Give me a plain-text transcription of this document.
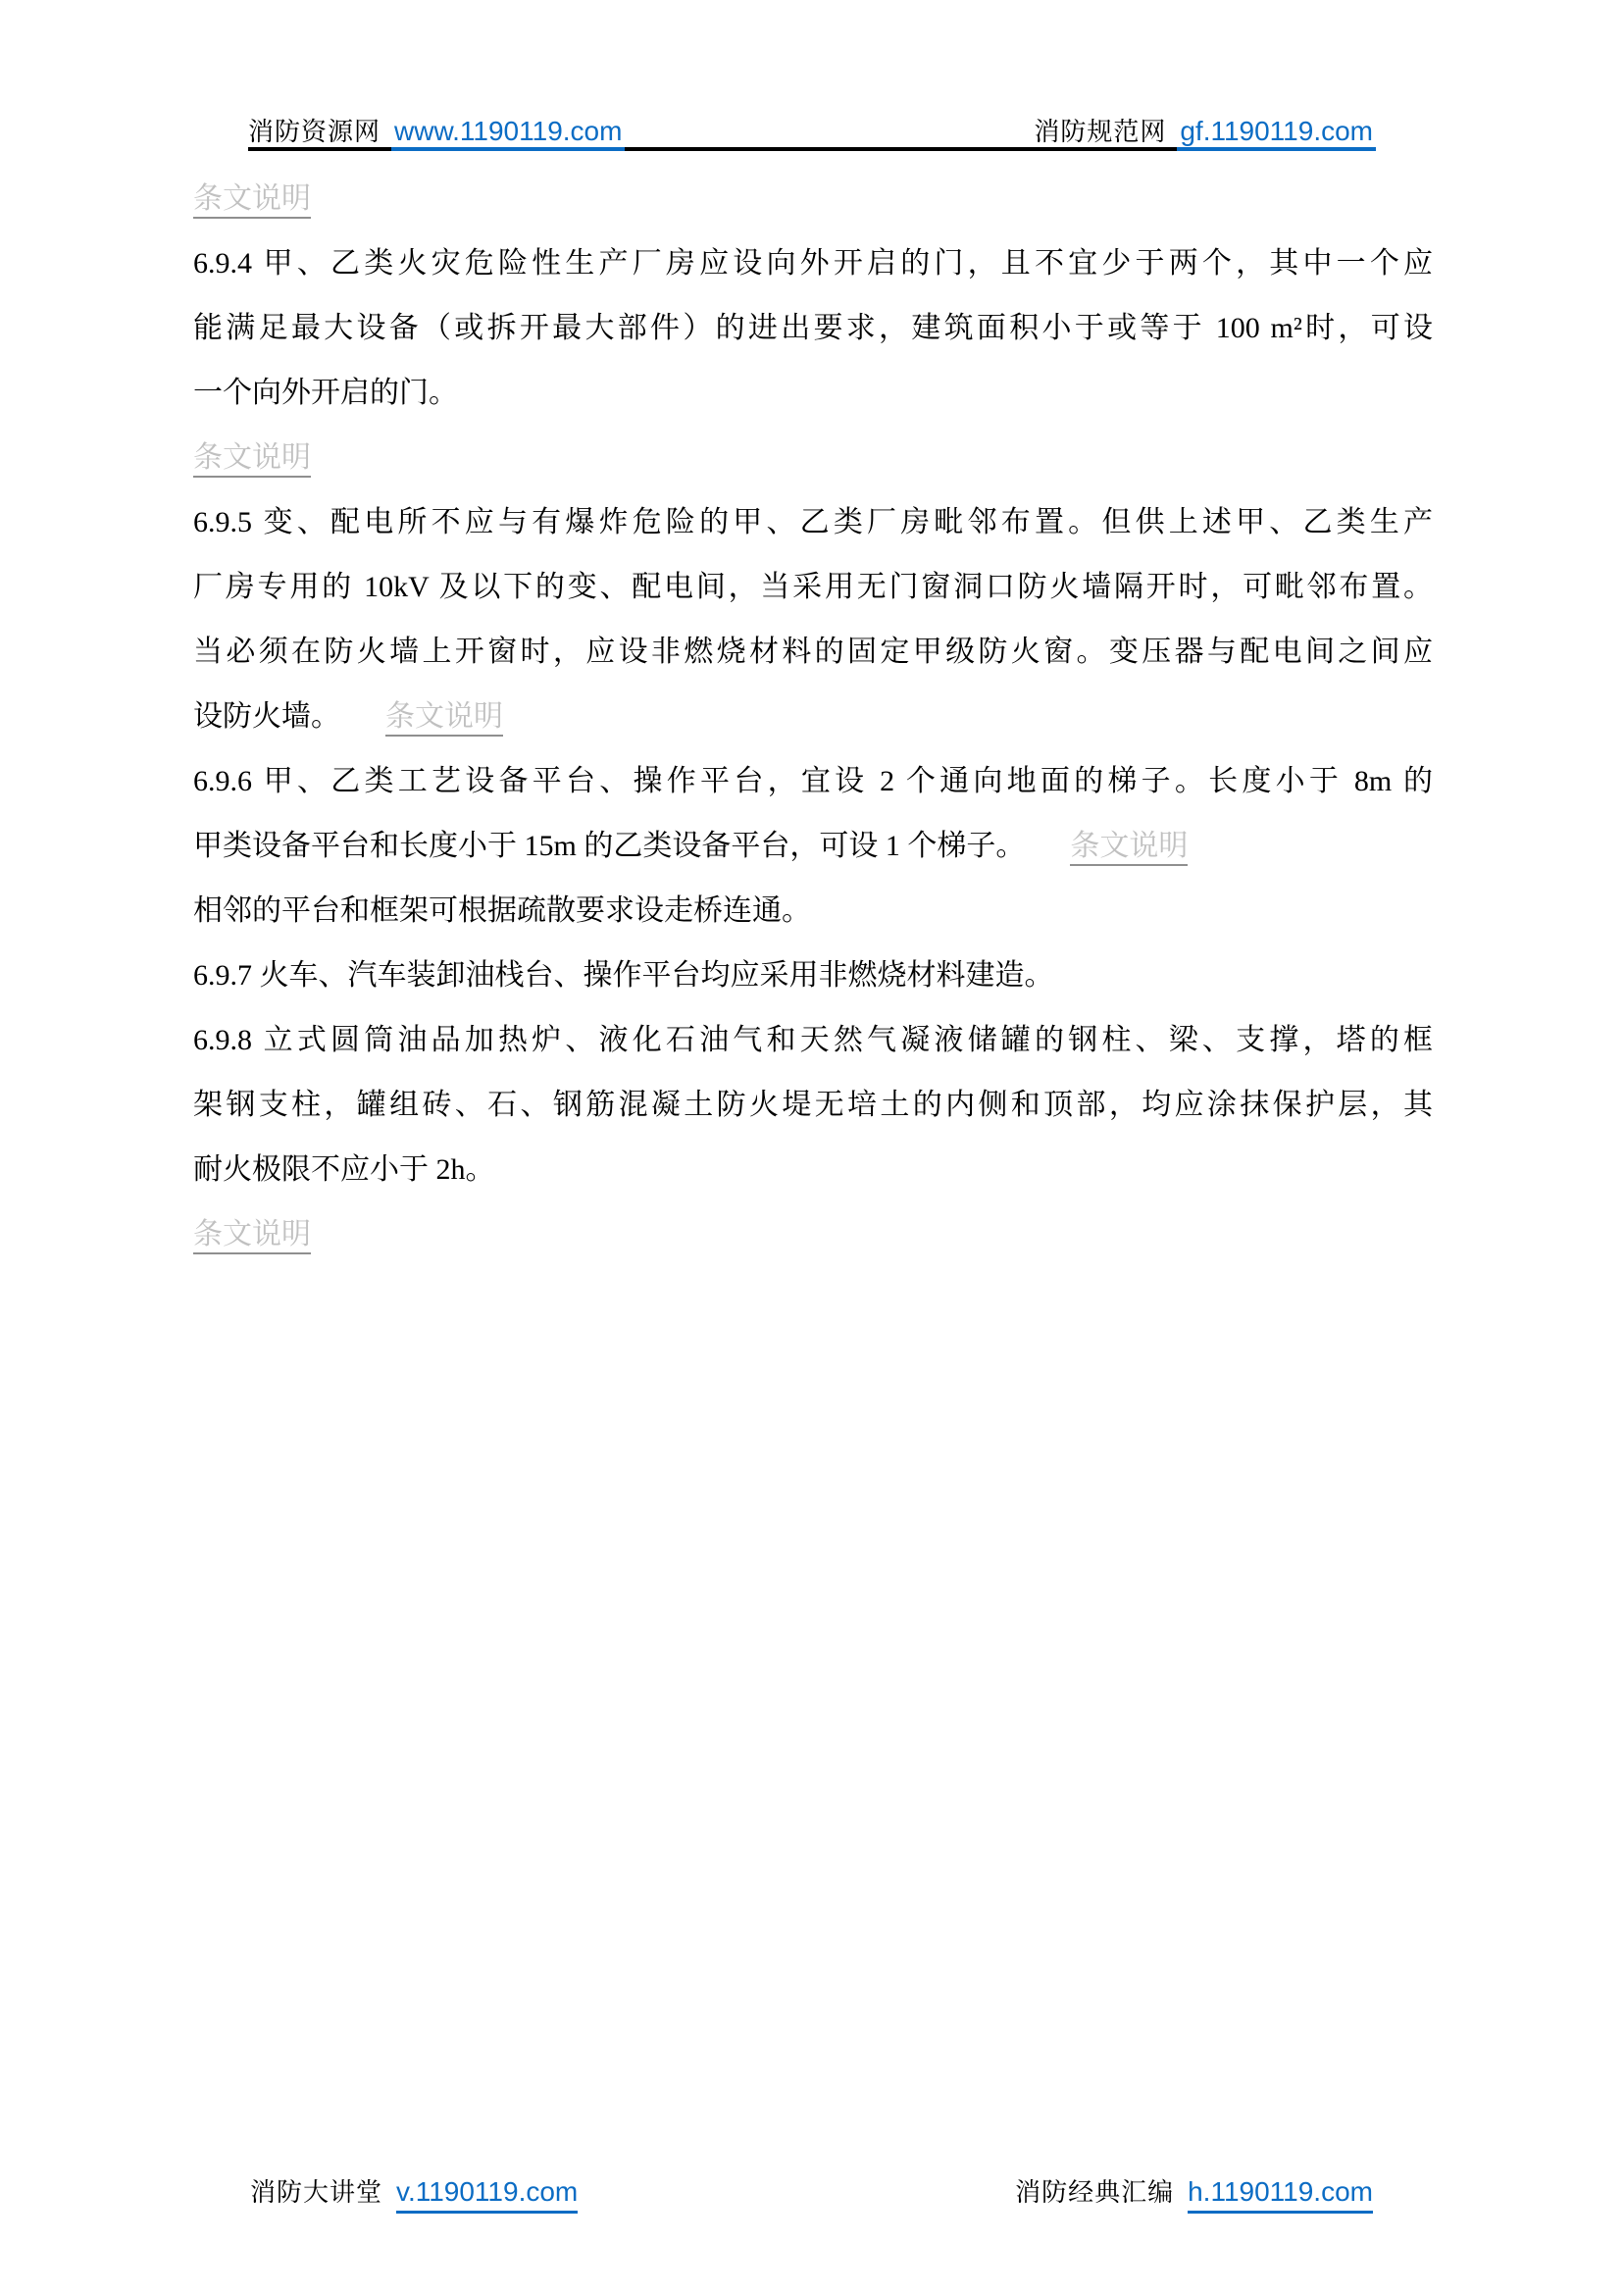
消防资源网 www.1190119.com	消防规范网 gf.1190119.com
条文说明
6.9.4 甲、乙类火灾危险性生产厂房应设向外开启的门，且不宜少于两个，其中一个应
能满足最大设备（或拆开最大部件）的进出要求，建筑面积小于或等于 100 m²时，可设
一个向外开启的门。
条文说明
6.9.5 变、配电所不应与有爆炸危险的甲、乙类厂房毗邻布置。但供上述甲、乙类生产
厂房专用的 10kV 及以下的变、配电间，当采用无门窗洞口防火墙隔开时，可毗邻布置。
当必须在防火墙上开窗时，应设非燃烧材料的固定甲级防火窗。变压器与配电间之间应
设防火墙。 条文说明
6.9.6 甲、乙类工艺设备平台、操作平台，宜设 2 个通向地面的梯子。长度小于 8m 的
甲类设备平台和长度小于 15m 的乙类设备平台，可设 1 个梯子。 条文说明
相邻的平台和框架可根据疏散要求设走桥连通。
6.9.7 火车、汽车装卸油栈台、操作平台均应采用非燃烧材料建造。
6.9.8 立式圆筒油品加热炉、液化石油气和天然气凝液储罐的钢柱、梁、支撑，塔的框
架钢支柱，罐组砖、石、钢筋混凝土防火堤无培土的内侧和顶部，均应涂抹保护层，其
耐火极限不应小于 2h。
条文说明
消防大讲堂 v.1190119.com	消防经典汇编 h.1190119.com
